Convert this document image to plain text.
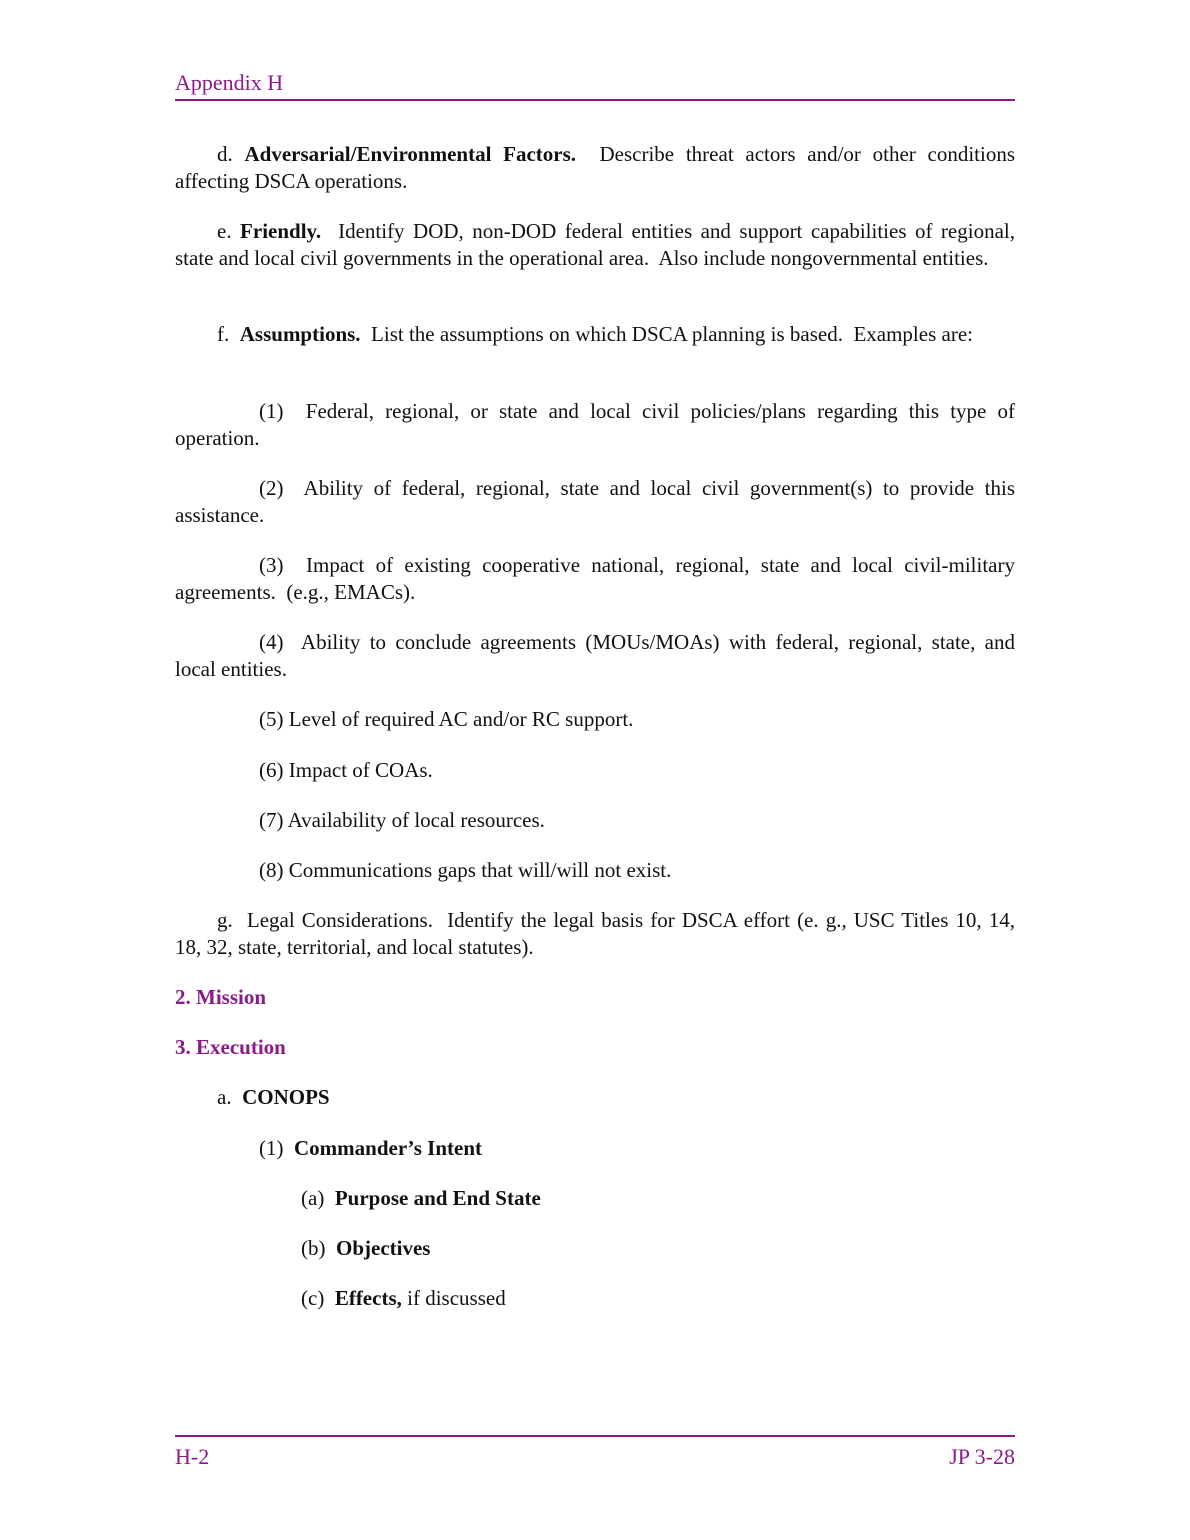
Appendix H
d. Adversarial/Environmental Factors.  Describe threat actors and/or other conditions affecting DSCA operations.
e. Friendly.  Identify DOD, non-DOD federal entities and support capabilities of regional, state and local civil governments in the operational area.  Also include nongovernmental entities.
f.  Assumptions.  List the assumptions on which DSCA planning is based.  Examples are:
(1)  Federal, regional, or state and local civil policies/plans regarding this type of operation.
(2)  Ability of federal, regional, state and local civil government(s) to provide this assistance.
(3)  Impact of existing cooperative national, regional, state and local civil-military agreements.  (e.g., EMACs).
(4)  Ability to conclude agreements (MOUs/MOAs) with federal, regional, state, and local entities.
(5) Level of required AC and/or RC support.
(6) Impact of COAs.
(7) Availability of local resources.
(8) Communications gaps that will/will not exist.
g.  Legal Considerations.  Identify the legal basis for DSCA effort (e. g., USC Titles 10, 14, 18, 32, state, territorial, and local statutes).
2. Mission
3. Execution
a.  CONOPS
(1)  Commander’s Intent
(a)  Purpose and End State
(b)  Objectives
(c)  Effects, if discussed
H-2	JP 3-28
